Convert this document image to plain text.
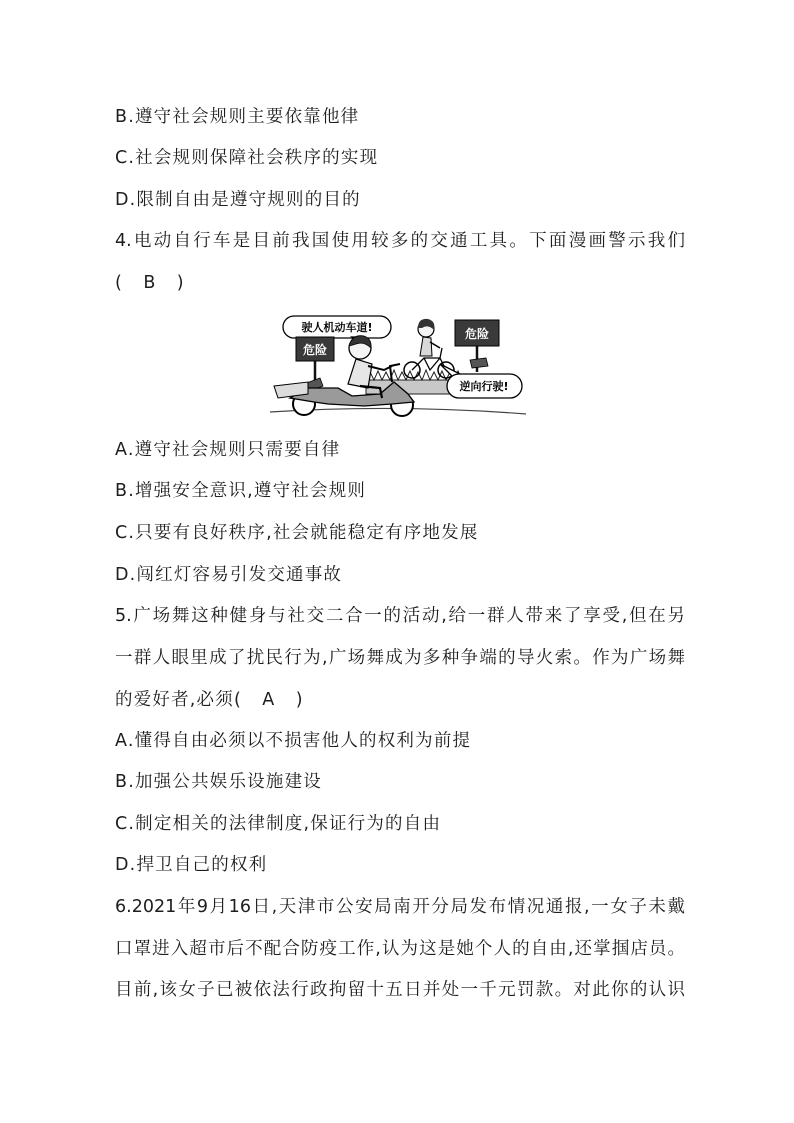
B.遵守社会规则主要依靠他律
C.社会规则保障社会秩序的实现
D.限制自由是遵守规则的目的
4.电动自行车是目前我国使用较多的交通工具。下面漫画警示我们
(   B   )
驶人机动车道!
危险
危险
逆向行驶!
A.遵守社会规则只需要自律
B.增强安全意识,遵守社会规则
C.只要有良好秩序,社会就能稳定有序地发展
D.闯红灯容易引发交通事故
5.广场舞这种健身与社交二合一的活动,给一群人带来了享受,但在另
一群人眼里成了扰民行为,广场舞成为多种争端的导火索。作为广场舞
的爱好者,必须(   A   )
A.懂得自由必须以不损害他人的权利为前提
B.加强公共娱乐设施建设
C.制定相关的法律制度,保证行为的自由
D.捍卫自己的权利
6.2021年9月16日,天津市公安局南开分局发布情况通报,一女子未戴
口罩进入超市后不配合防疫工作,认为这是她个人的自由,还掌掴店员。
目前,该女子已被依法行政拘留十五日并处一千元罚款。对此你的认识
